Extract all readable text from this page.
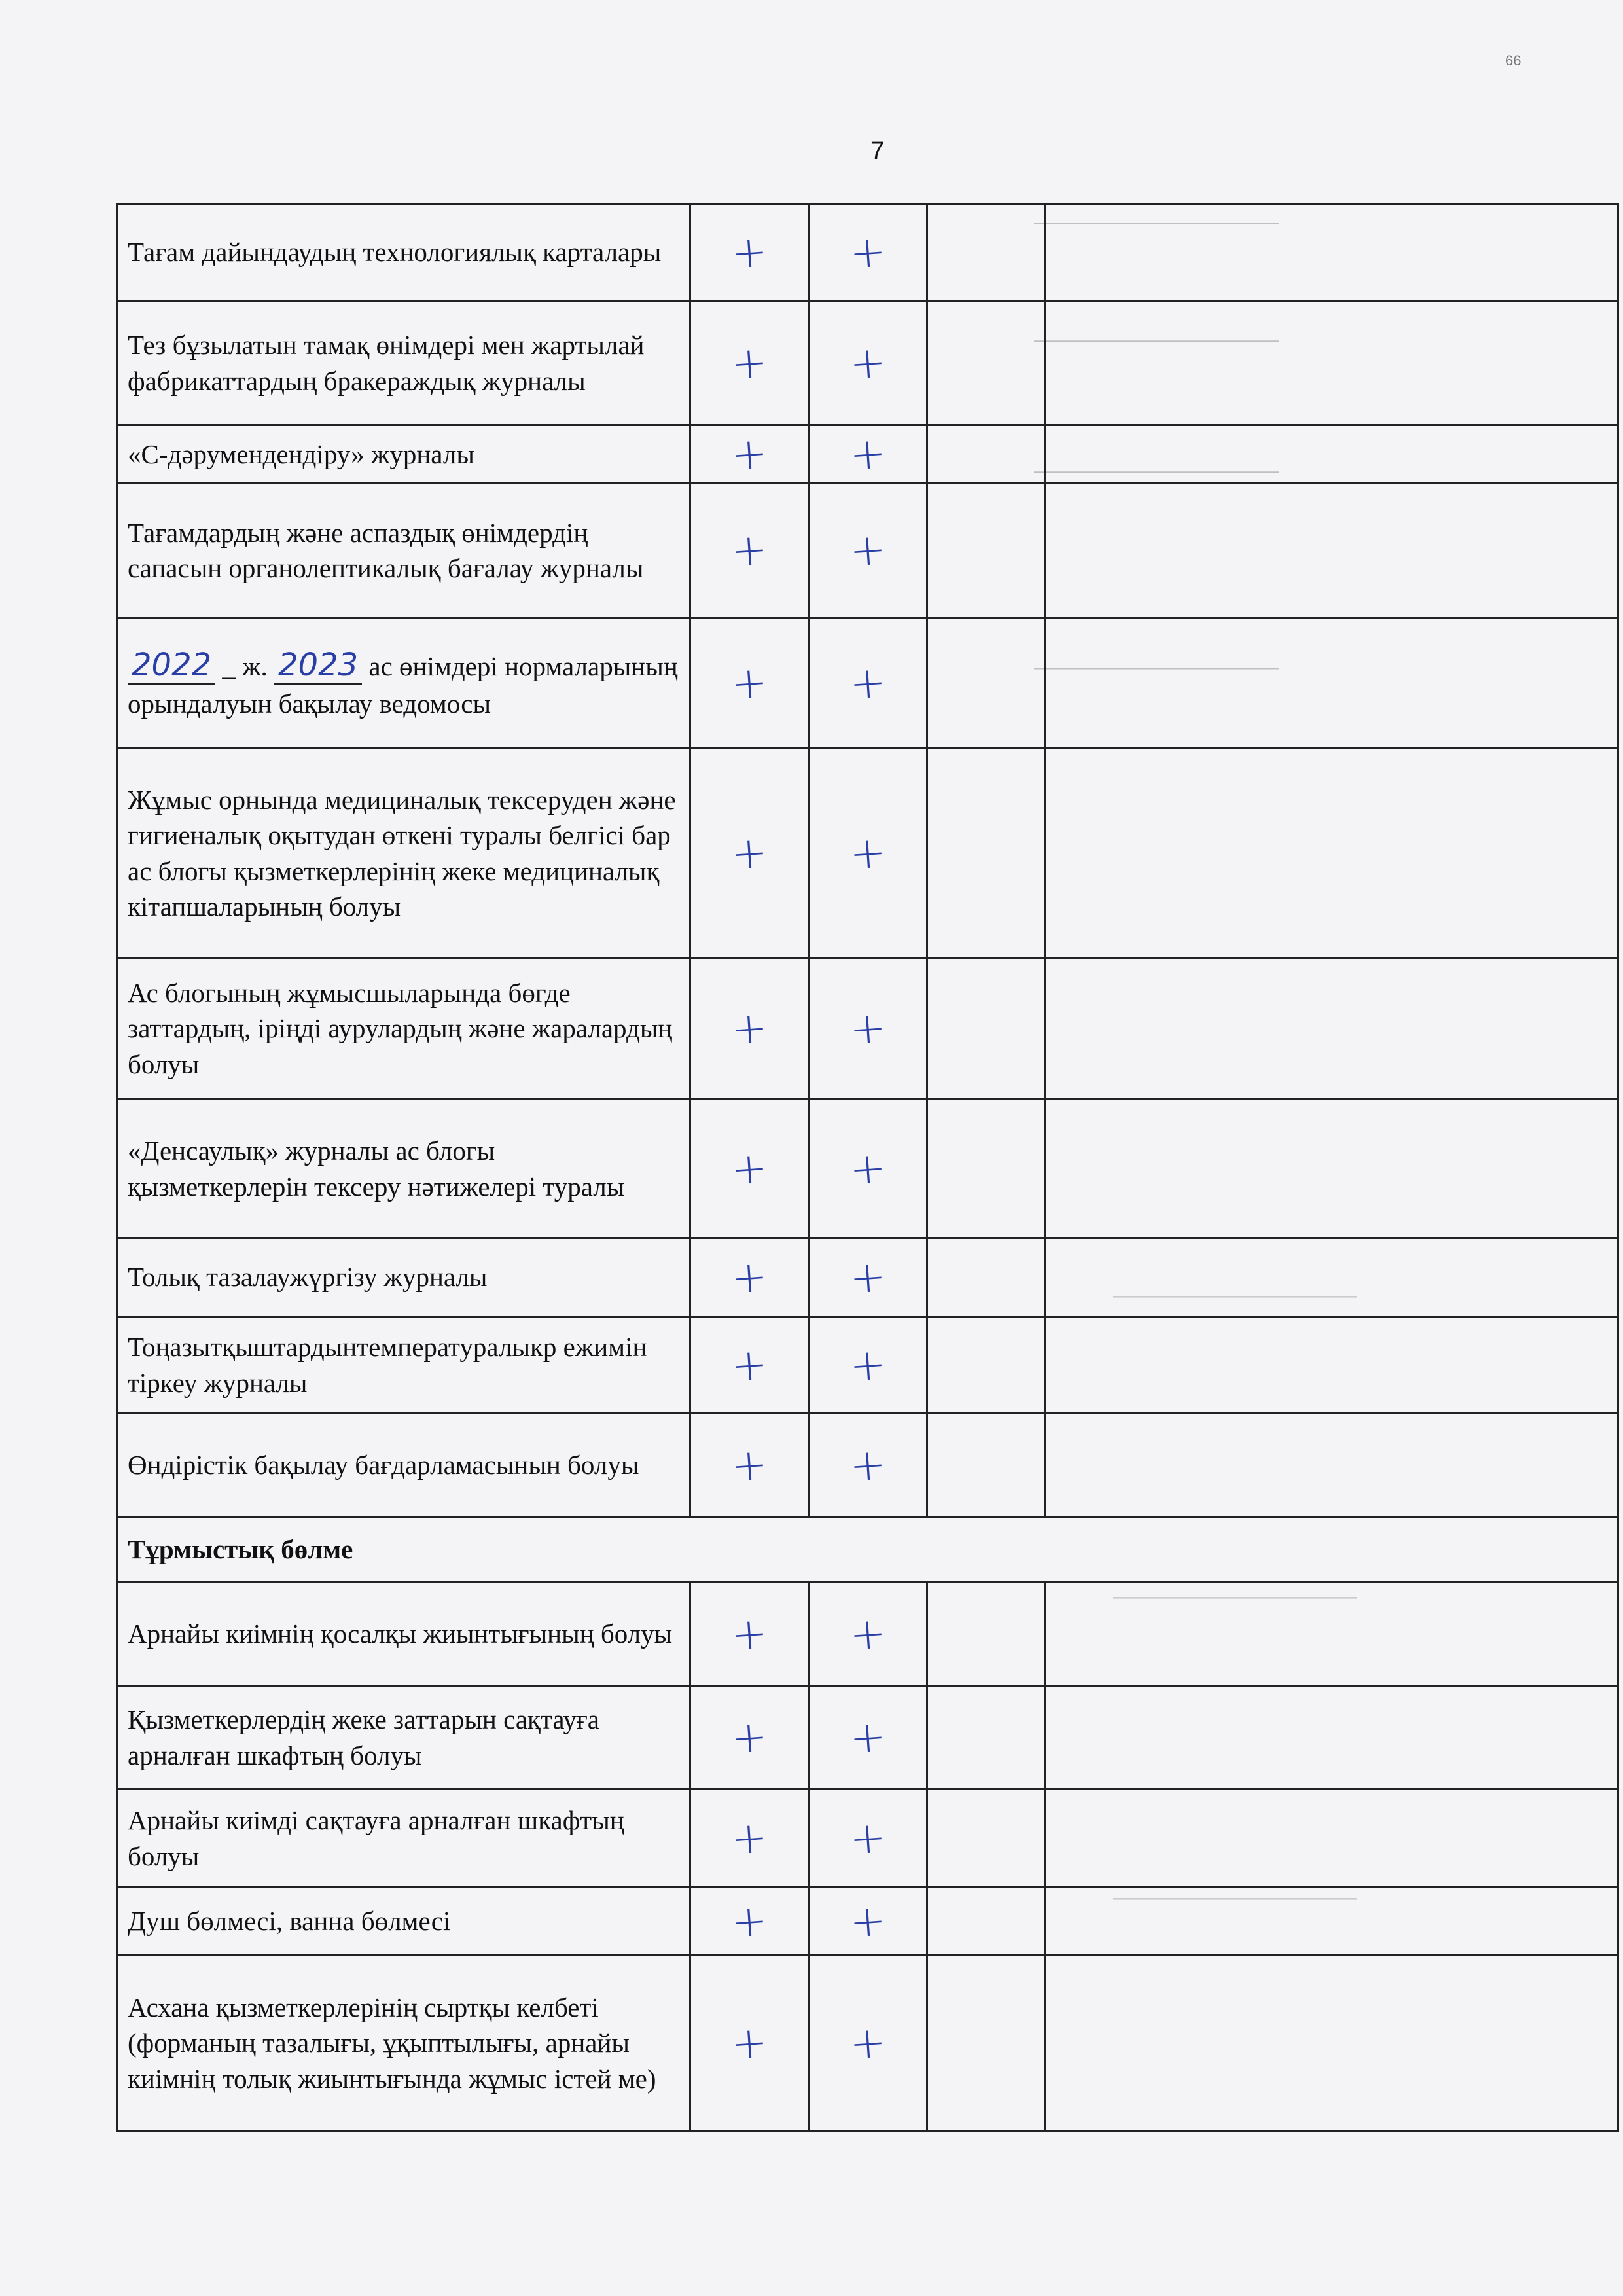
66
7
———————————
———————————
———————————
———————————
———————————
———————————
———————————
Тағам дайындаудың технологиялық карталары	+	+		

Тез бұзылатын тамақ өнімдері мен жартылай фабрикаттардың бракераждық журналы	+	+		

«С-дәрумендендіру» журналы	+	+		

Тағамдардың және аспаздық өнімдердің сапасын органолептикалық бағалау журналы	+	+		

2022 _ ж. 2023 ас өнімдері нормаларының орындалуын бақылау ведомосы	+	+		

Жұмыс орнында медициналық тексеруден және гигиеналық оқытудан өткені туралы белгісі бар ас блогы қызметкерлерінің жеке медициналық кітапшаларының болуы	+	+		

Ас блогының жұмысшыларында бөгде заттардың, іріңді аурулардың және жаралардың болуы	+	+		

«Денсаулық» журналы ас блогы қызметкерлерін тексеру нәтижелері туралы	+	+		

Толық тазалаужүргізу журналы	+	+		

Тоңазытқыштардынтемпературалыкр ежимін тіркеу журналы	+	+		

Өндірістік бақылау бағдарламасынын болуы	+	+		

Тұрмыстық бөлме				
Арнайы киімнің қосалқы жиынтығының болуы	+	+		

Қызметкерлердің жеке заттарын сақтауға арналған шкафтың болуы	+	+		

Арнайы киімді сақтауға арналған шкафтың болуы	+	+		

Душ бөлмесі, ванна бөлмесі	+	+		

Асхана қызметкерлерінің сыртқы келбеті (форманың тазалығы, ұқыптылығы, арнайы киімнің толық жиынтығында жұмыс істей ме)	+	+		
